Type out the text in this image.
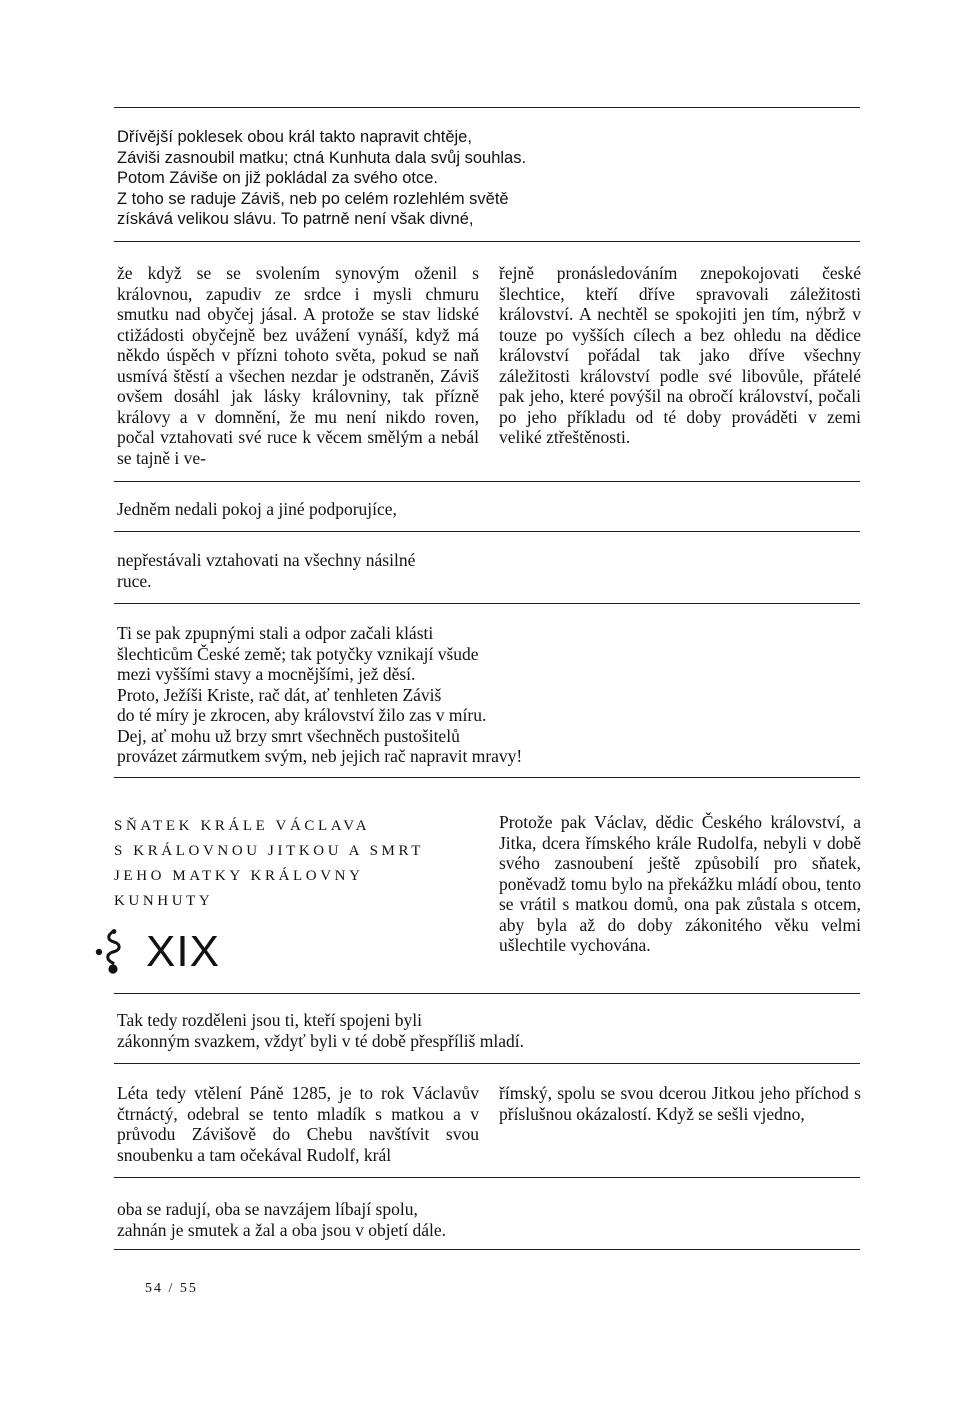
Dřívější poklesek obou král takto napravit chtěje,
Záviši zasnoubil matku; ctná Kunhuta dala svůj souhlas.
Potom Záviše on již pokládal za svého otce.
Z toho se raduje Záviš, neb po celém rozlehlém světě
získává velikou slávu. To patrně není však divné,
že když se se svolením synovým oženil s královnou, zapudiv ze srdce i mysli chmuru smutku nad obyčej jásal. A protože se stav lidské ctižádosti obyčejně bez uvážení vynáší, když má někdo úspěch v přízni tohoto světa, pokud se naň usmívá štěstí a všechen nezdar je odstraněn, Záviš ovšem dosáhl jak lásky královniny, tak přízně královy a v domnění, že mu není nikdo roven, počal vztahovati své ruce k věcem smělým a nebál se tajně i ve-
řejně pronásledováním znepokojovati české šlechtice, kteří dříve spravovali záležitosti království. A nechtěl se spokojiti jen tím, nýbrž v touze po vyšších cílech a bez ohledu na dědice království pořádal tak jako dříve všechny záležitosti království podle své libovůle, přátelé pak jeho, které povýšil na obročí království, počali po jeho příkladu od té doby prováděti v zemi veliké ztřeštěnosti.
Jedněm nedali pokoj a jiné podporujíce,
nepřestávali vztahovati na všechny násilné
ruce.
Ti se pak zpupnými stali a odpor začali klásti
šlechticům České země; tak potyčky vznikají všude
mezi vyššími stavy a mocnějšími, jež děsí.
Proto, Ježíši Kriste, rač dát, ať tenhleten Záviš
do té míry je zkrocen, aby království žilo zas v míru.
Dej, ať mohu už brzy smrt všechněch pustošitelů
provázet zármutkem svým, neb jejich rač napravit mravy!
SŇATEK KRÁLE VÁCLAVA
S KRÁLOVNOU JITKOU A SMRT
JEHO MATKY KRÁLOVNY
KUNHUTY
XIX
Protože pak Václav, dědic Českého království, a Jitka, dcera římského krále Rudolfa, nebyli v době svého zasnoubení ještě způsobilí pro sňatek, poněvadž tomu bylo na překážku mládí obou, tento se vrátil s matkou domů, ona pak zůstala s otcem, aby byla až do doby zákonitého věku velmi ušlechtile vychována.
Tak tedy rozděleni jsou ti, kteří spojeni byli
zákonným svazkem, vždyť byli v té době přespříliš mladí.
Léta tedy vtělení Páně 1285, je to rok Václavův čtrnáctý, odebral se tento mladík s matkou a v průvodu Závišově do Chebu navštívit svou snoubenku a tam očekával Rudolf, král
římský, spolu se svou dcerou Jitkou jeho příchod s příslušnou okázalostí. Když se sešli vjedno,
oba se radují, oba se navzájem líbají spolu,
zahnán je smutek a žal a oba jsou v objetí dále.
54 / 55
